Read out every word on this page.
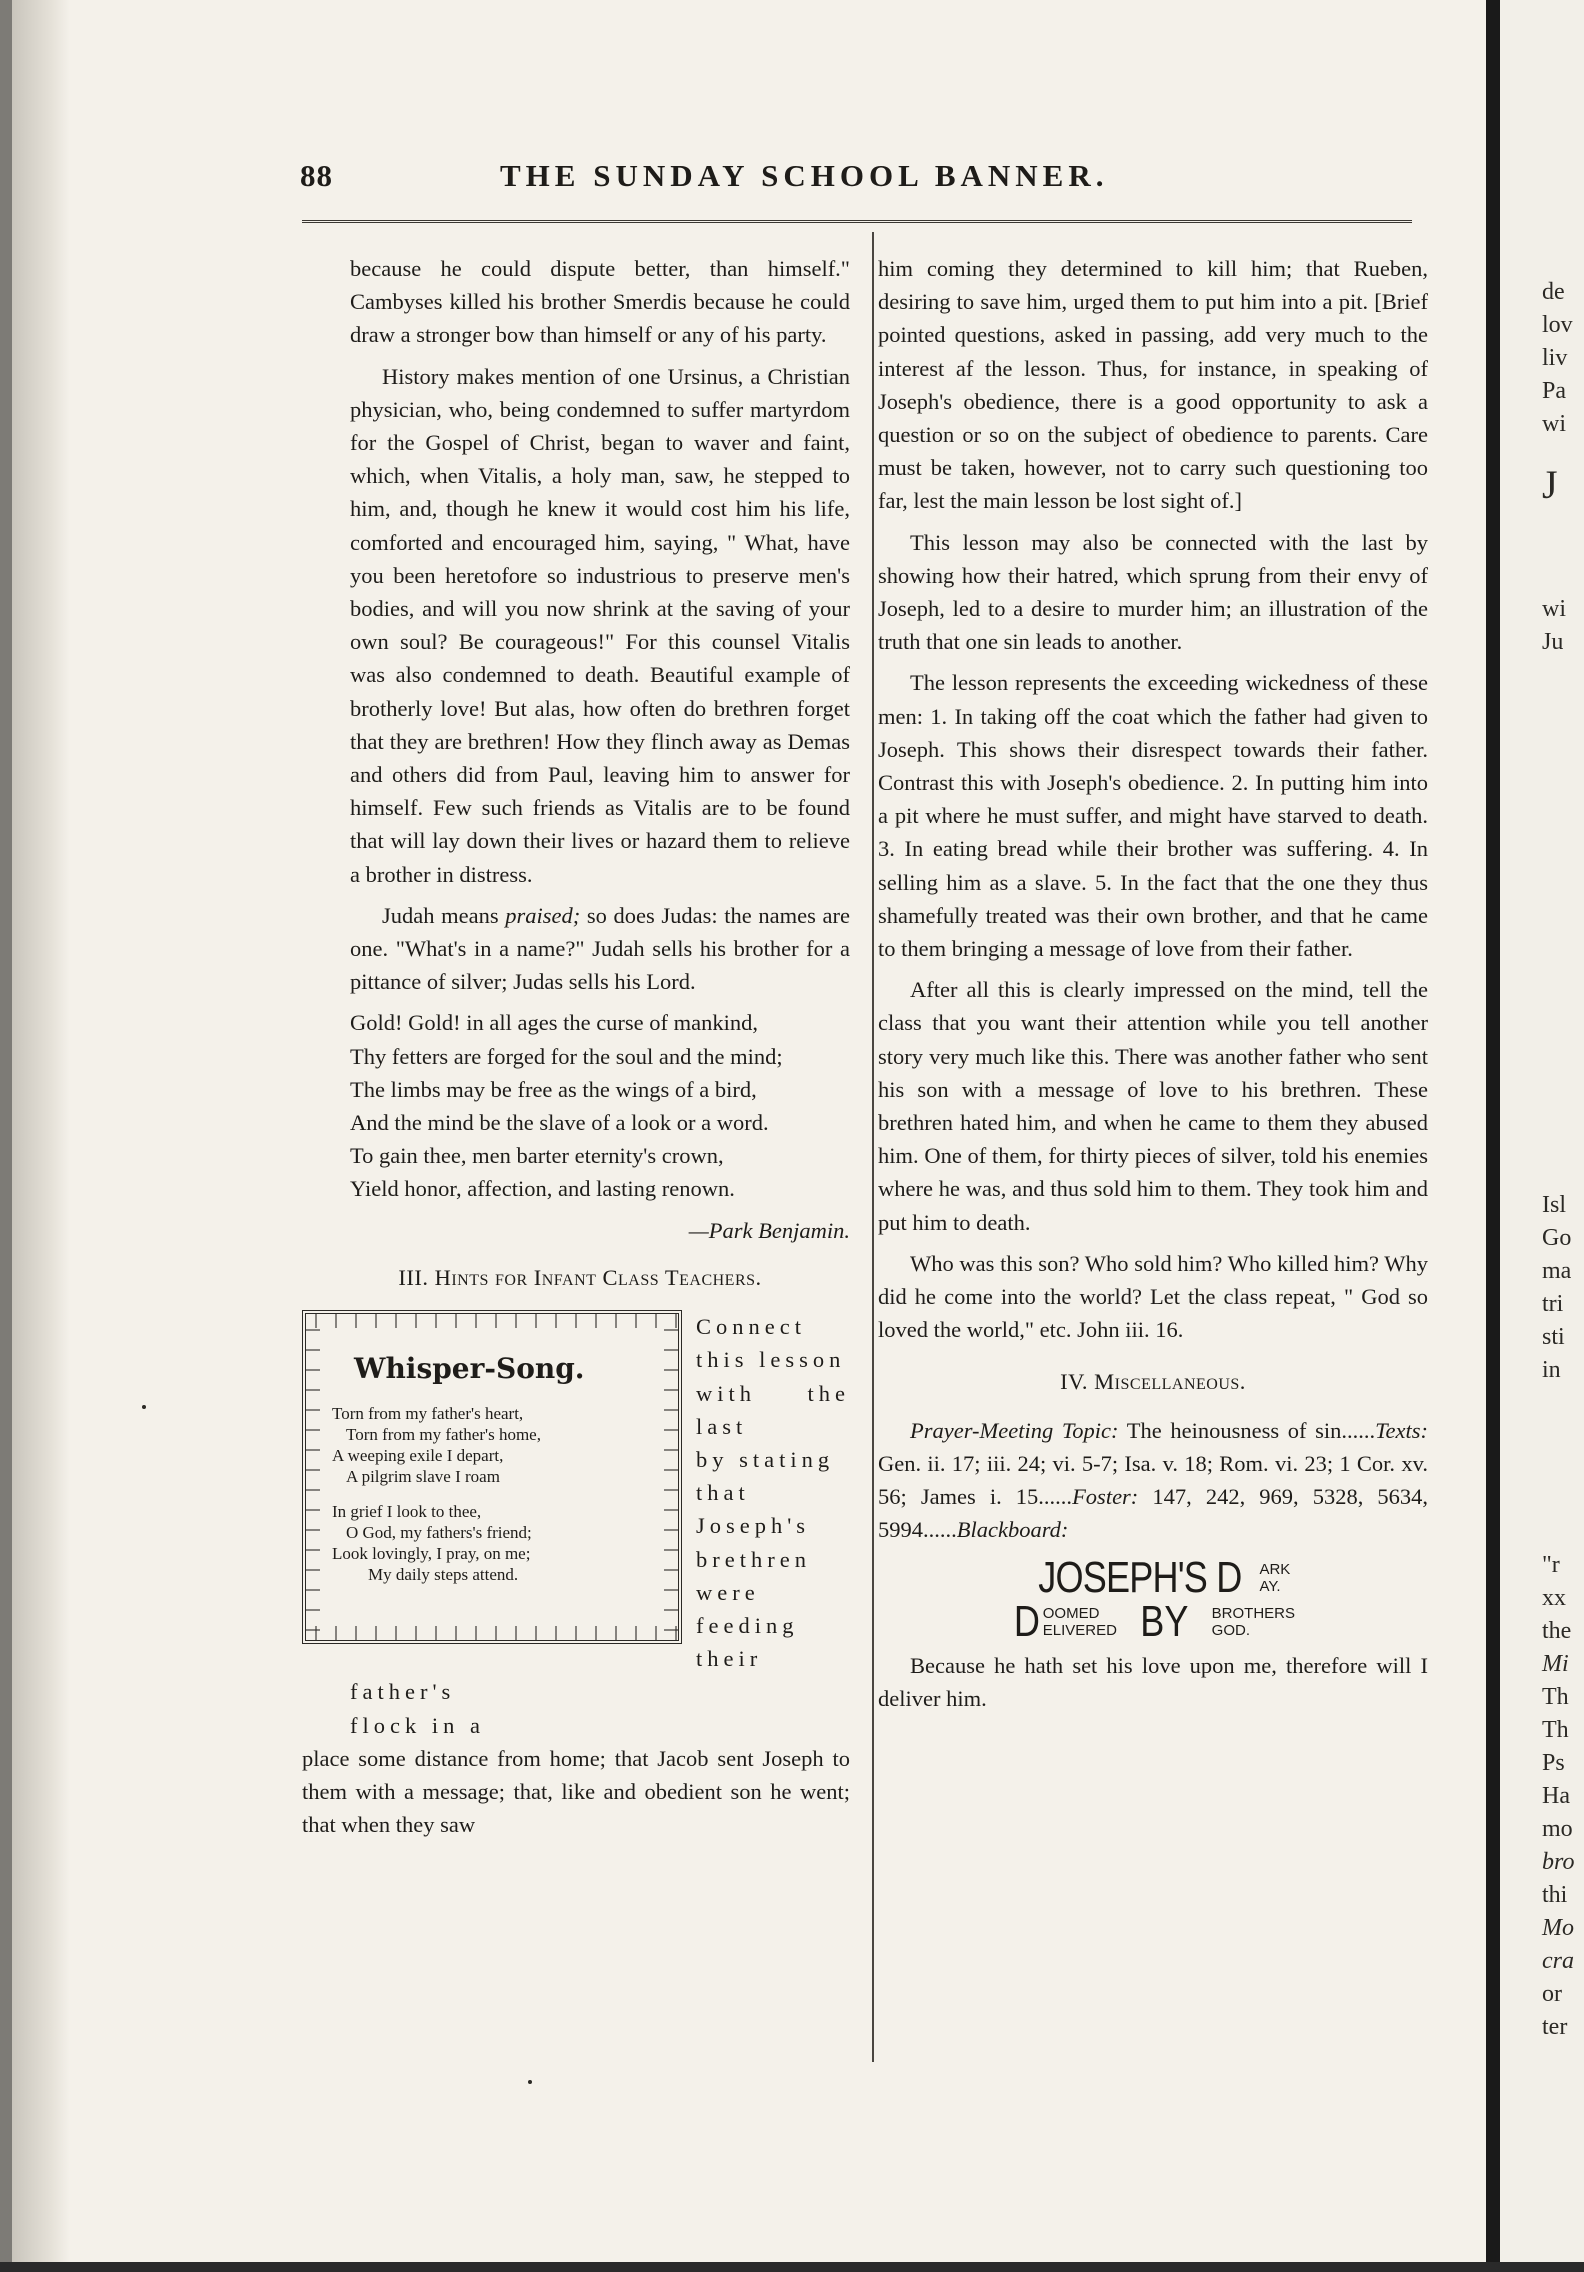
88	THE SUNDAY SCHOOL BANNER.

because he could dispute better, than himself." Cambyses killed his brother Smerdis because he could draw a stronger bow than himself or any of his party.

History makes mention of one Ursinus, a Christian physician, who, being condemned to suffer martyrdom for the Gospel of Christ, began to waver and faint, which, when Vitalis, a holy man, saw, he stepped to him, and, though he knew it would cost him his life, comforted and encouraged him, saying, " What, have you been heretofore so industrious to preserve men's bodies, and will you now shrink at the saving of your own soul? Be courageous!" For this counsel Vitalis was also condemned to death. Beautiful example of brotherly love! But alas, how often do brethren forget that they are brethren! How they flinch away as Demas and others did from Paul, leaving him to answer for himself. Few such friends as Vitalis are to be found that will lay down their lives or hazard them to relieve a brother in distress.

Judah means praised; so does Judas: the names are one. "What's in a name?" Judah sells his brother for a pittance of silver; Judas sells his Lord.

Gold! Gold! in all ages the curse of mankind,
Thy fetters are forged for the soul and the mind;
The limbs may be free as the wings of a bird,
And the mind be the slave of a look or a word.
To gain thee, men barter eternity's crown,
Yield honor, affection, and lasting renown.
—Park Benjamin.
III. Hints for Infant Class Teachers.
Whisper-Song.
Torn from my father's heart,
Torn from my father's home,
A weeping exile I depart,
A pilgrim slave I roam
In grief I look to thee,
O God, my fathers's friend;
Look lovingly, I pray, on me;
My daily steps attend.
Connect
this lesson
with the last
by stating
that Joseph's
brethren
were feeding
their father's
flock in a

place some distance from home; that Jacob sent Joseph to them with a message; that, like and obedient son he went; that when they saw

him coming they determined to kill him; that Rueben, desiring to save him, urged them to put him into a pit. [Brief pointed questions, asked in passing, add very much to the interest af the lesson. Thus, for instance, in speaking of Joseph's obedience, there is a good opportunity to ask a question or so on the subject of obedience to parents. Care must be taken, however, not to carry such questioning too far, lest the main lesson be lost sight of.]

This lesson may also be connected with the last by showing how their hatred, which sprung from their envy of Joseph, led to a desire to murder him; an illustration of the truth that one sin leads to another.

The lesson represents the exceeding wickedness of these men: 1. In taking off the coat which the father had given to Joseph. This shows their disrespect towards their father. Contrast this with Joseph's obedience. 2. In putting him into a pit where he must suffer, and might have starved to death. 3. In eating bread while their brother was suffering. 4. In selling him as a slave. 5. In the fact that the one they thus shamefully treated was their own brother, and that he came to them bringing a message of love from their father.

After all this is clearly impressed on the mind, tell the class that you want their attention while you tell another story very much like this. There was another father who sent his son with a message of love to his brethren. These brethren hated him, and when he came to them they abused him. One of them, for thirty pieces of silver, told his enemies where he was, and thus sold him to them. They took him and put him to death.

Who was this son? Who sold him? Who killed him? Why did he come into the world? Let the class repeat, " God so loved the world," etc. John iii. 16.

IV. Miscellaneous.

Prayer-Meeting Topic: The heinousness of sin......Texts: Gen. ii. 17; iii. 24; vi. 5-7; Isa. v. 18; Rom. vi. 23; 1 Cor. xv. 56; James i. 15......Foster: 147, 242, 969, 5328, 5634, 5994......Blackboard:

JOSEPH'S D ARK
AY.
D OOMED
ELIVERED BY BROTHERS
GOD.

Because he hath set his love upon me, therefore will I deliver him.

de
lov
liv
Pa
wi
J
wi
Ju
Isl
Go
ma
tri
sti
in
"r
xx
the
Mi
Th
Th
Ps
Ha
mo
bro
thi
Mo
cra
or
ter
